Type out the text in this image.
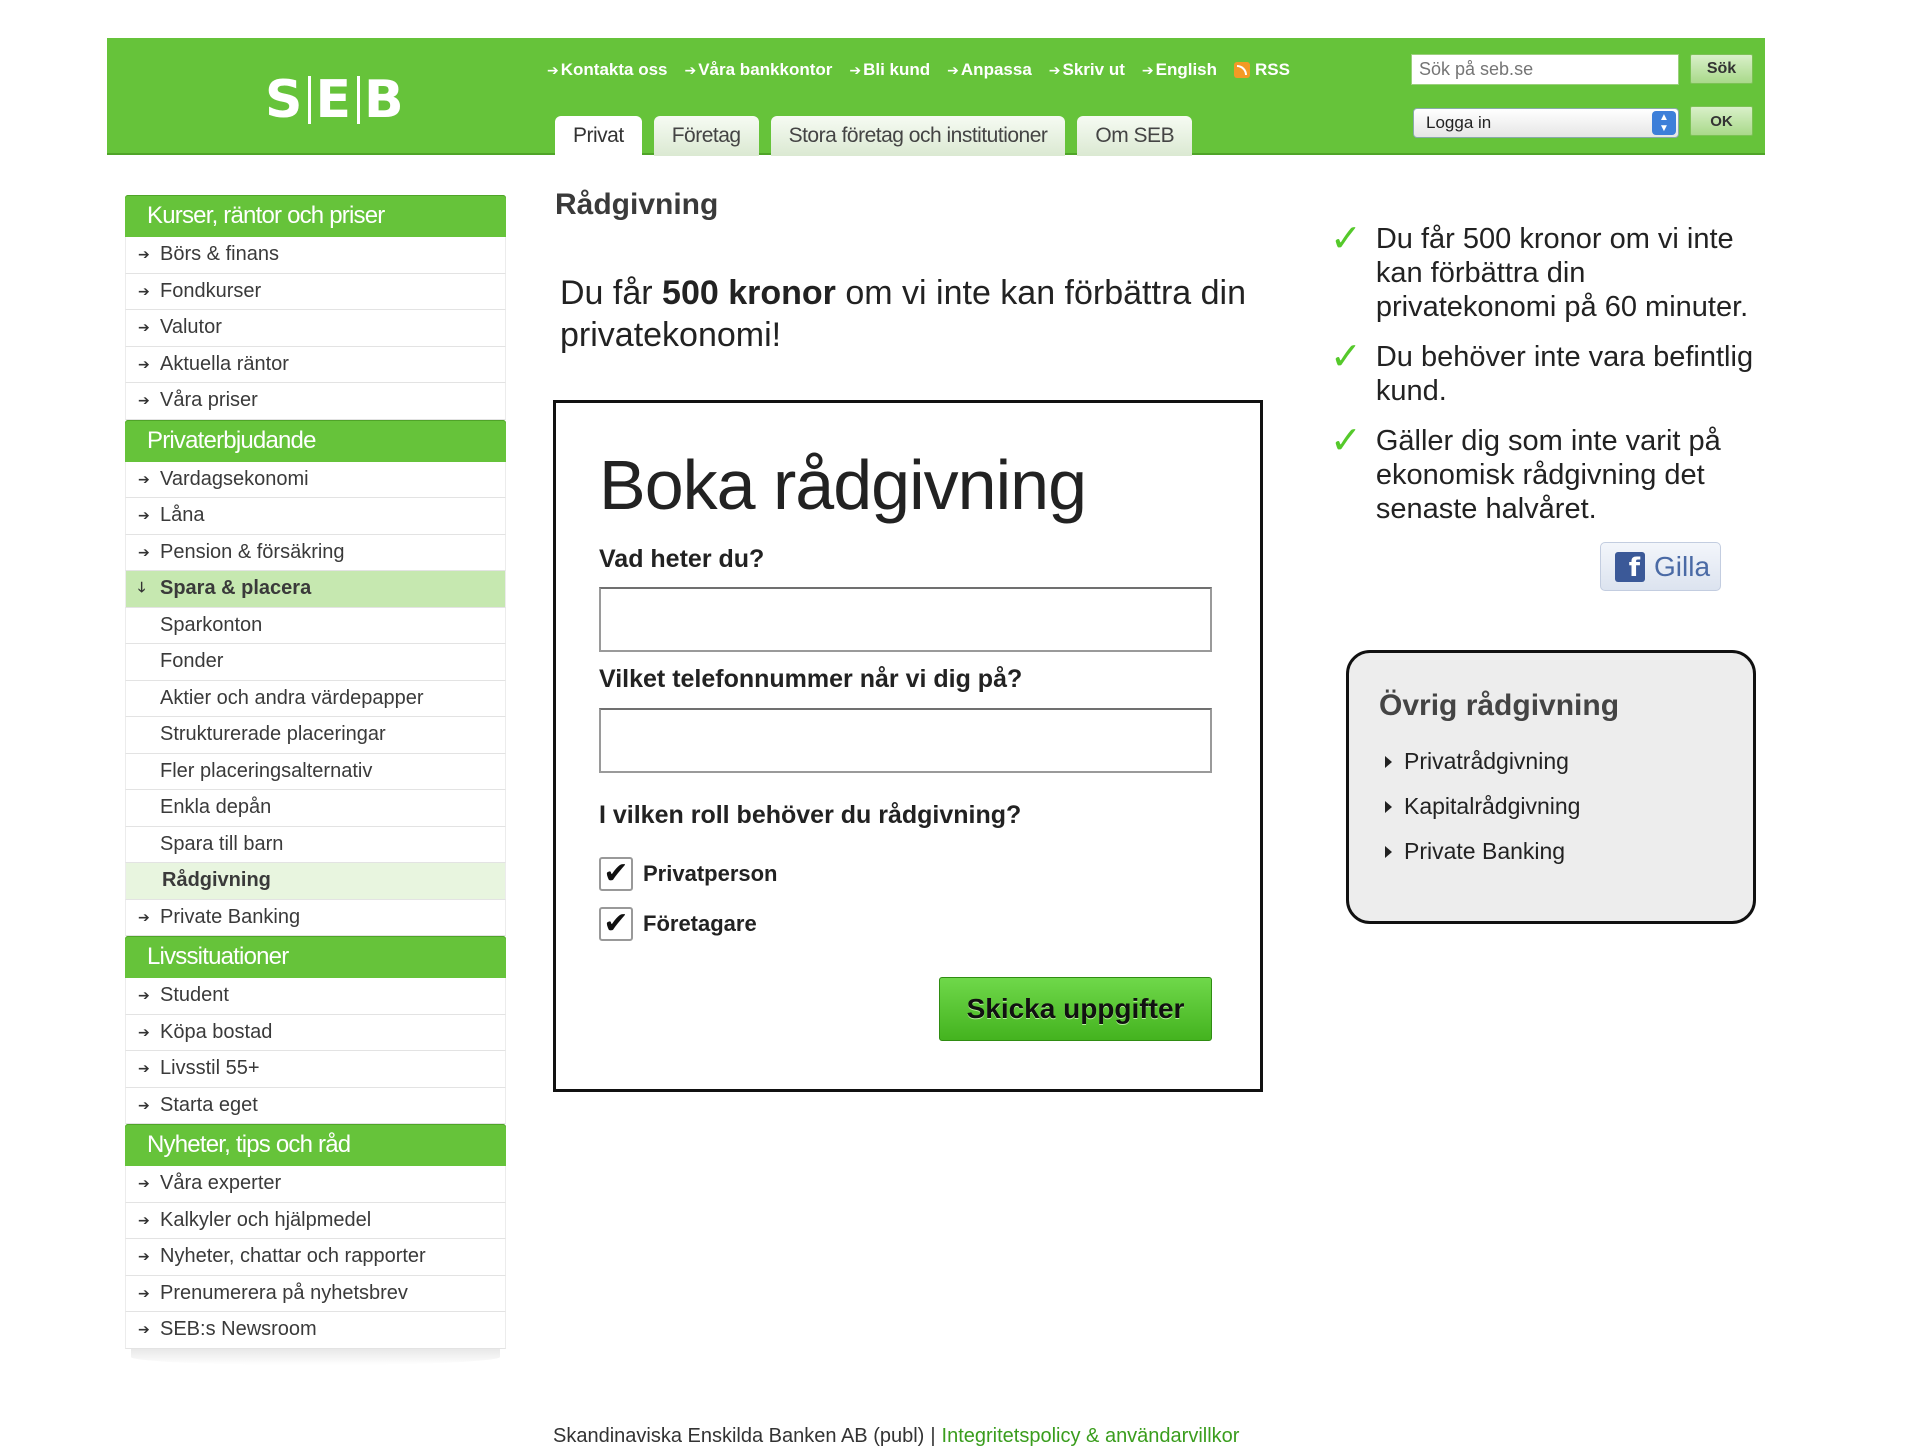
S E B
➔ Kontakta oss ➔ Våra bankkontor ➔ Bli kund ➔ Anpassa ➔ Skriv ut ➔ English RSS
Sök på seb.se	Sök
Logga in	▲
▼	OK
Privat	Företag	Stora företag och institutioner	Om SEB
Kurser, räntor och priser
➔ Börs & finans
➔ Fondkurser
➔ Valutor
➔ Aktuella räntor
➔ Våra priser
Privaterbjudande
➔ Vardagsekonomi
➔ Låna
➔ Pension & försäkring
🡓 Spara & placera
Sparkonton
Fonder
Aktier och andra värdepapper
Strukturerade placeringar
Fler placeringsalternativ
Enkla depån
Spara till barn
Rådgivning
➔ Private Banking
Livssituationer
➔ Student
➔ Köpa bostad
➔ Livsstil 55+
➔ Starta eget
Nyheter, tips och råd
➔ Våra experter
➔ Kalkyler och hjälpmedel
➔ Nyheter, chattar och rapporter
➔ Prenumerera på nyhetsbrev
➔ SEB:s Newsroom
Rådgivning
Du får 500 kronor om vi inte kan förbättra din privatekonomi!
Boka rådgivning
Vad heter du?
Vilket telefonnummer når vi dig på?
I vilken roll behöver du rådgivning?
✔ Privatperson
✔ Företagare
Skicka uppgifter
✓ Du får 500 kronor om vi inte kan förbättra din privatekonomi på 60 minuter.
✓ Du behöver inte vara befintlig kund.
✓ Gäller dig som inte varit på ekonomisk rådgivning det senaste halvåret.
f Gilla
Övrig rådgivning
Privatrådgivning
Kapitalrådgivning
Private Banking
Skandinaviska Enskilda Banken AB (publ) | Integritetspolicy & användarvillkor
